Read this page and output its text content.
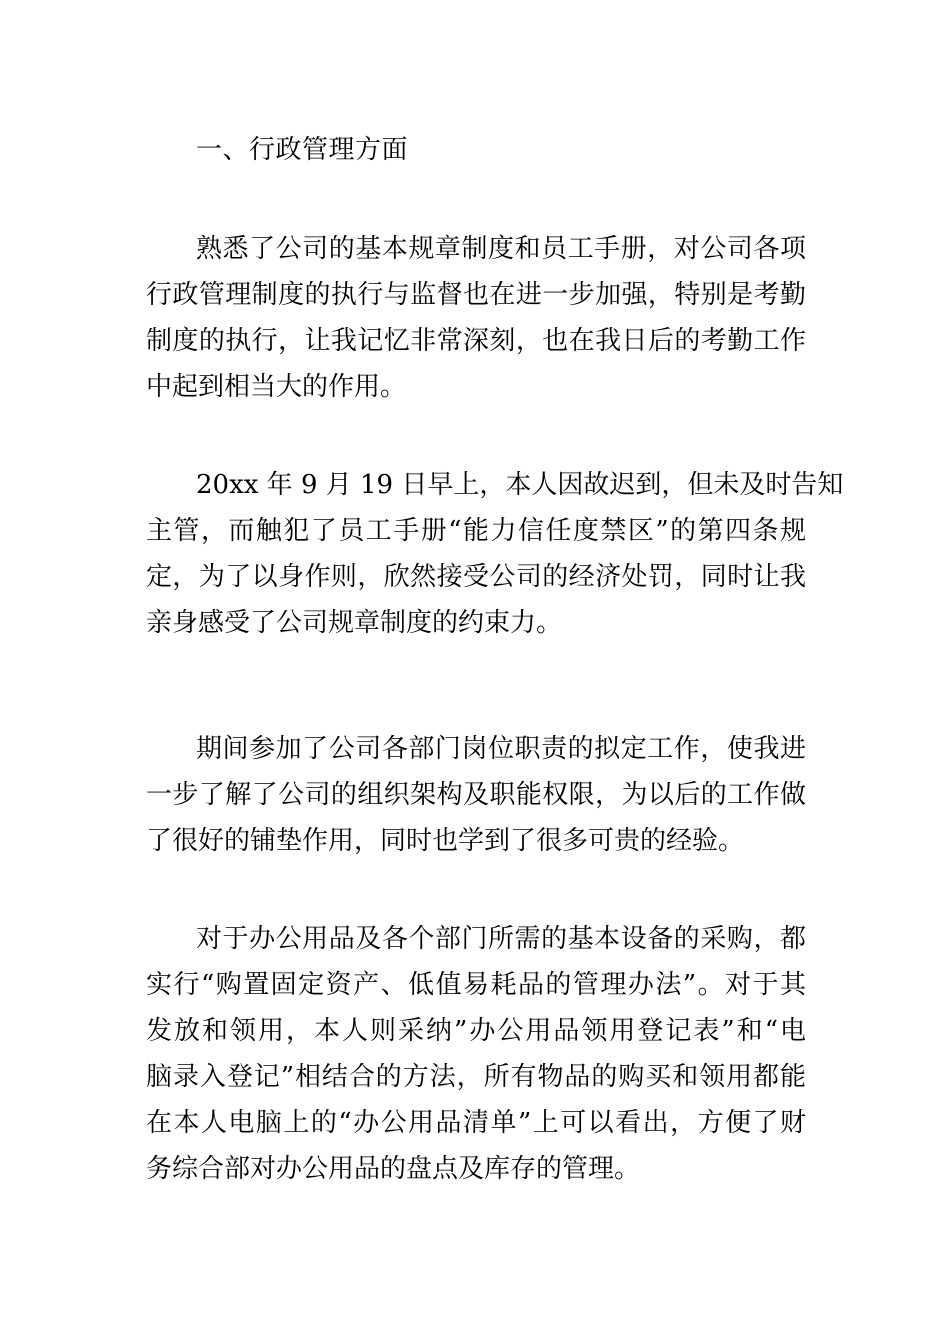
一、行政管理方面

熟悉了公司的基本规章制度和员工手册，对公司各项
行政管理制度的执行与监督也在进一步加强，特别是考勤
制度的执行，让我记忆非常深刻，也在我日后的考勤工作
中起到相当大的作用。

20xx 年 9 月 19 日早上，本人因故迟到，但未及时告知
主管，而触犯了员工手册“能力信任度禁区”的第四条规
定，为了以身作则，欣然接受公司的经济处罚，同时让我
亲身感受了公司规章制度的约束力。

期间参加了公司各部门岗位职责的拟定工作，使我进
一步了解了公司的组织架构及职能权限，为以后的工作做
了很好的铺垫作用，同时也学到了很多可贵的经验。

对于办公用品及各个部门所需的基本设备的采购，都
实行“购置固定资产、低值易耗品的管理办法”。对于其
发放和领用，本人则采纳”办公用品领用登记表”和“电
脑录入登记”相结合的方法，所有物品的购买和领用都能
在本人电脑上的“办公用品清单”上可以看出，方便了财
务综合部对办公用品的盘点及库存的管理。
